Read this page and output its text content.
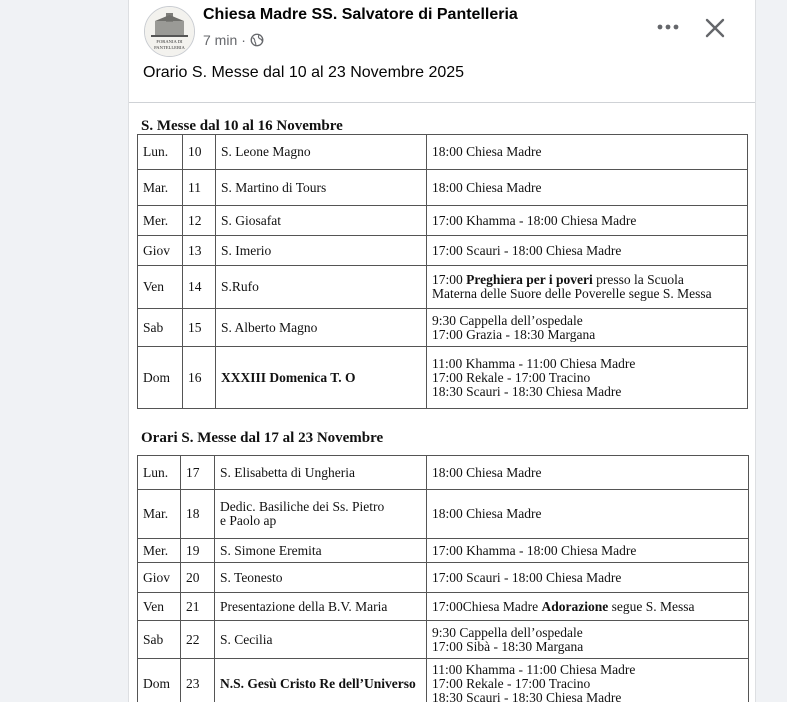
FORANIA DI
PANTELLERIA
Chiesa Madre SS. Salvatore di Pantelleria
7 min ·
Orario S. Messe dal 10 al 23 Novembre 2025
S. Messe dal 10 al 16 Novembre
Lun.	10	S. Leone Magno	18:00 Chiesa Madre
Mar.	11	S. Martino di Tours	18:00 Chiesa Madre
Mer.	12	S. Giosafat	17:00 Khamma - 18:00 Chiesa Madre
Giov	13	S. Imerio	17:00 Scauri - 18:00 Chiesa Madre
Ven	14	S.Rufo	17:00 Preghiera per i poveri presso la Scuola
Materna delle Suore delle Poverelle segue S. Messa

Sab	15	S. Alberto Magno	9:30 Cappella dell’ospedale
17:00 Grazia - 18:30 Margana

Dom	16	XXXIII Domenica T. O	11:00 Khamma - 11:00 Chiesa Madre
17:00 Rekale - 17:00 Tracino
18:30 Scauri - 18:30 Chiesa Madre
Orari S. Messe dal 17 al 23 Novembre
Lun.	17	S. Elisabetta di Ungheria	18:00 Chiesa Madre
Mar.	18	Dedic. Basiliche dei Ss. Pietro
e Paolo ap	18:00 Chiesa Madre
Mer.	19	S. Simone Eremita	17:00 Khamma - 18:00 Chiesa Madre
Giov	20	S. Teonesto	17:00 Scauri - 18:00 Chiesa Madre
Ven	21	Presentazione della B.V. Maria	17:00Chiesa Madre Adorazione segue S. Messa
Sab	22	S. Cecilia	9:30 Cappella dell’ospedale
17:00 Sibà - 18:30 Margana

Dom	23	N.S. Gesù Cristo Re dell’Universo	11:00 Khamma - 11:00 Chiesa Madre
17:00 Rekale - 17:00 Tracino
18:30 Scauri - 18:30 Chiesa Madre
